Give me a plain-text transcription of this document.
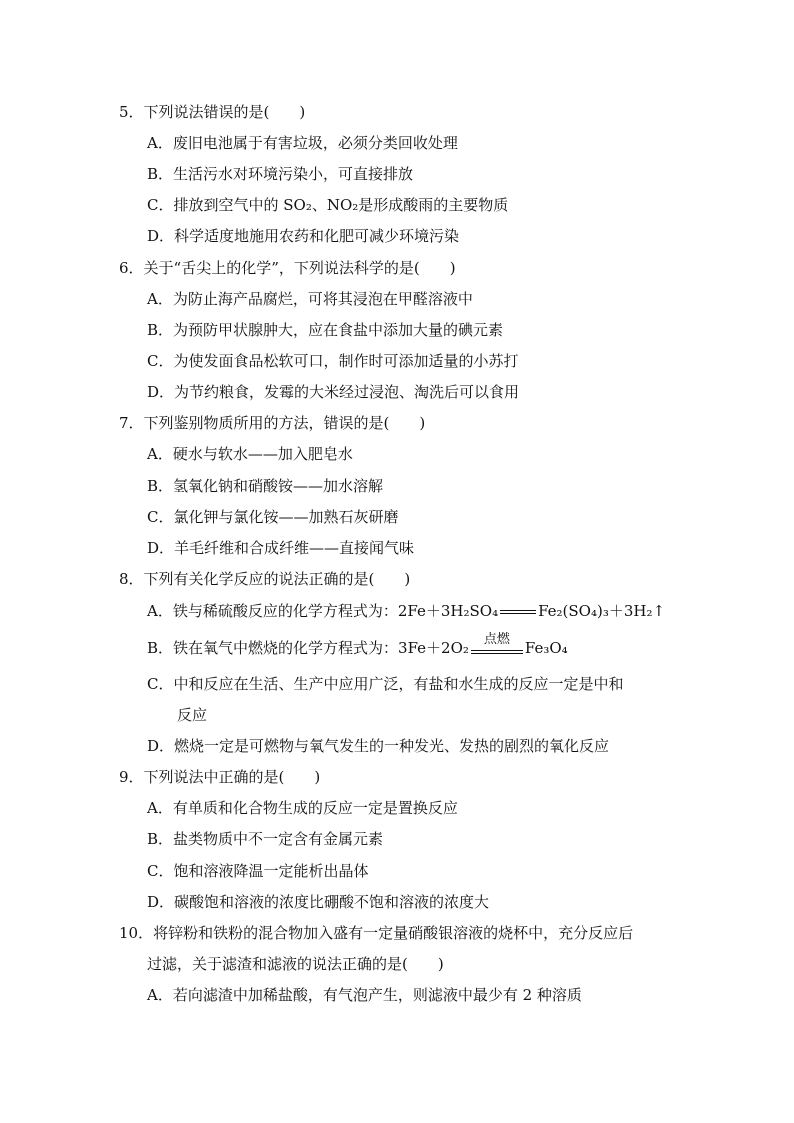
5．下列说法错误的是(　　)
A．废旧电池属于有害垃圾，必须分类回收处理
B．生活污水对环境污染小，可直接排放
C．排放到空气中的 SO₂、NO₂是形成酸雨的主要物质
D．科学适度地施用农药和化肥可减少环境污染
6．关于“舌尖上的化学”，下列说法科学的是(　　)
A．为防止海产品腐烂，可将其浸泡在甲醛溶液中
B．为预防甲状腺肿大，应在食盐中添加大量的碘元素
C．为使发面食品松软可口，制作时可添加适量的小苏打
D．为节约粮食，发霉的大米经过浸泡、淘洗后可以食用
7．下列鉴别物质所用的方法，错误的是(　　)
A．硬水与软水——加入肥皂水
B．氢氧化钠和硝酸铵——加水溶解
C．氯化钾与氯化铵——加熟石灰研磨
D．羊毛纤维和合成纤维——直接闻气味
8．下列有关化学反应的说法正确的是(　　)
A．铁与稀硫酸反应的化学方程式为：2Fe＋3H₂SO₄	Fe₂(SO₄)₃＋3H₂↑
B．铁在氧气中燃烧的化学方程式为：3Fe＋2O₂	点燃	Fe₃O₄
C．中和反应在生活、生产中应用广泛，有盐和水生成的反应一定是中和
反应
D．燃烧一定是可燃物与氧气发生的一种发光、发热的剧烈的氧化反应
9．下列说法中正确的是(　　)
A．有单质和化合物生成的反应一定是置换反应
B．盐类物质中不一定含有金属元素
C．饱和溶液降温一定能析出晶体
D．碳酸饱和溶液的浓度比硼酸不饱和溶液的浓度大
10．将锌粉和铁粉的混合物加入盛有一定量硝酸银溶液的烧杯中，充分反应后
过滤，关于滤渣和滤液的说法正确的是(　　)
A．若向滤渣中加稀盐酸，有气泡产生，则滤液中最少有 2 种溶质
